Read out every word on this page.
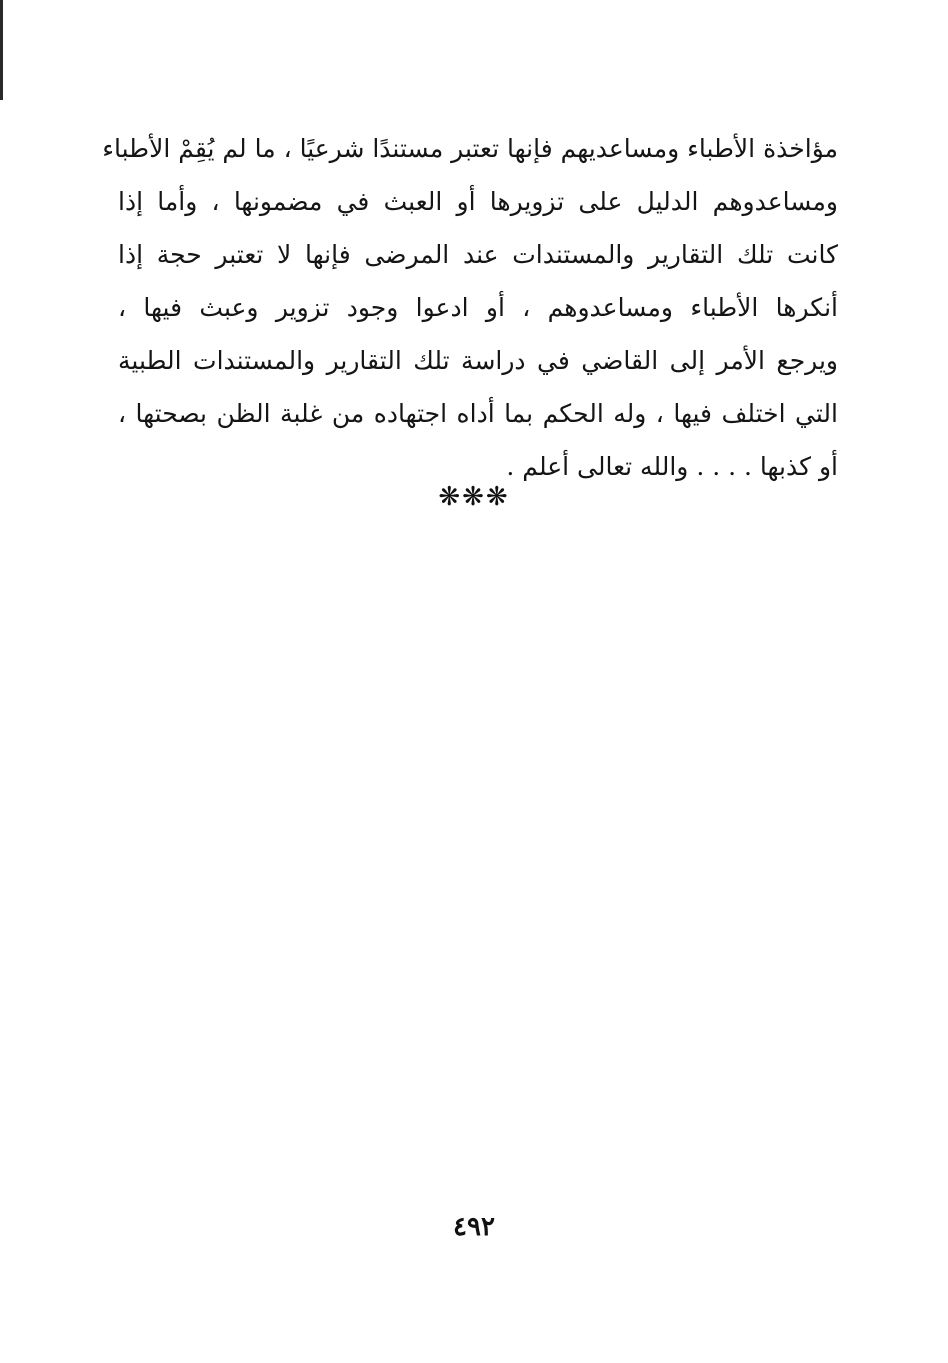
مؤاخذة الأطباء ومساعديهم فإنها تعتبر مستندًا شرعيًا ، ما لم يُقِمْ الأطباء
ومساعدوهم الدليل على تزويرها أو العبث في مضمونها ، وأما إذا
كانت تلك التقارير والمستندات عند المرضى فإنها لا تعتبر حجة إذا
أنكرها الأطباء ومساعدوهم ، أو ادعوا وجود تزوير وعبث فيها ،
ويرجع الأمر إلى القاضي في دراسة تلك التقارير والمستندات الطبية
التي اختلف فيها ، وله الحكم بما أداه اجتهاده من غلبة الظن بصحتها ،
أو كذبها . . . . والله تعالى أعلم .
❋❋❋
٤٩٢
